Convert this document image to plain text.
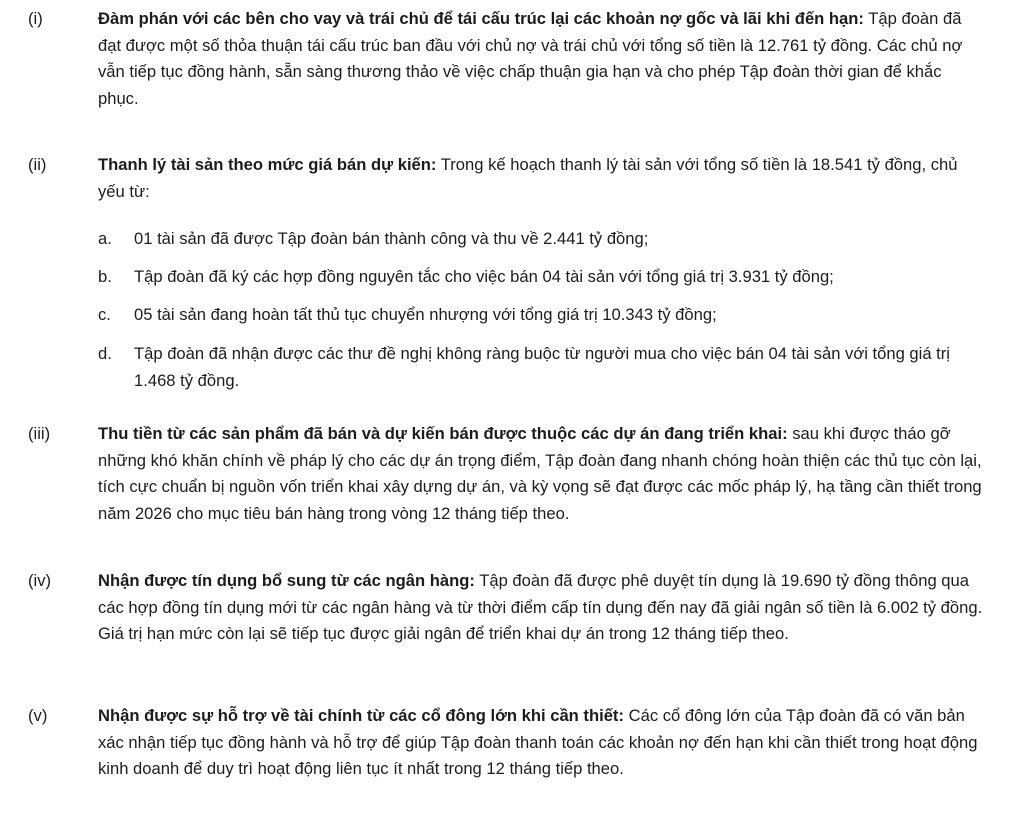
(i)	Đàm phán với các bên cho vay và trái chủ để tái cấu trúc lại các khoản nợ gốc và lãi khi đến hạn: Tập đoàn đã đạt được một số thỏa thuận tái cấu trúc ban đầu với chủ nợ và trái chủ với tổng số tiền là 12.761 tỷ đồng. Các chủ nợ vẫn tiếp tục đồng hành, sẵn sàng thương thảo về việc chấp thuận gia hạn và cho phép Tập đoàn thời gian để khắc phục.
(ii)	Thanh lý tài sản theo mức giá bán dự kiến: Trong kế hoạch thanh lý tài sản với tổng số tiền là 18.541 tỷ đồng, chủ yếu từ:
a. 01 tài sản đã được Tập đoàn bán thành công và thu về 2.441 tỷ đồng;
b. Tập đoàn đã ký các hợp đồng nguyên tắc cho việc bán 04 tài sản với tổng giá trị 3.931 tỷ đồng;
c. 05 tài sản đang hoàn tất thủ tục chuyển nhượng với tổng giá trị 10.343 tỷ đồng;
d. Tập đoàn đã nhận được các thư đề nghị không ràng buộc từ người mua cho việc bán 04 tài sản với tổng giá trị 1.468 tỷ đồng.
(iii)	Thu tiền từ các sản phẩm đã bán và dự kiến bán được thuộc các dự án đang triển khai: sau khi được tháo gỡ những khó khăn chính về pháp lý cho các dự án trọng điểm, Tập đoàn đang nhanh chóng hoàn thiện các thủ tục còn lại, tích cực chuẩn bị nguồn vốn triển khai xây dựng dự án, và kỳ vọng sẽ đạt được các mốc pháp lý, hạ tầng cần thiết trong năm 2026 cho mục tiêu bán hàng trong vòng 12 tháng tiếp theo.
(iv)	Nhận được tín dụng bổ sung từ các ngân hàng: Tập đoàn đã được phê duyệt tín dụng là 19.690 tỷ đồng thông qua các hợp đồng tín dụng mới từ các ngân hàng và từ thời điểm cấp tín dụng đến nay đã giải ngân số tiền là 6.002 tỷ đồng. Giá trị hạn mức còn lại sẽ tiếp tục được giải ngân để triển khai dự án trong 12 tháng tiếp theo.
(v)	Nhận được sự hỗ trợ về tài chính từ các cổ đông lớn khi cần thiết: Các cổ đông lớn của Tập đoàn đã có văn bản xác nhận tiếp tục đồng hành và hỗ trợ để giúp Tập đoàn thanh toán các khoản nợ đến hạn khi cần thiết trong hoạt động kinh doanh để duy trì hoạt động liên tục ít nhất trong 12 tháng tiếp theo.
